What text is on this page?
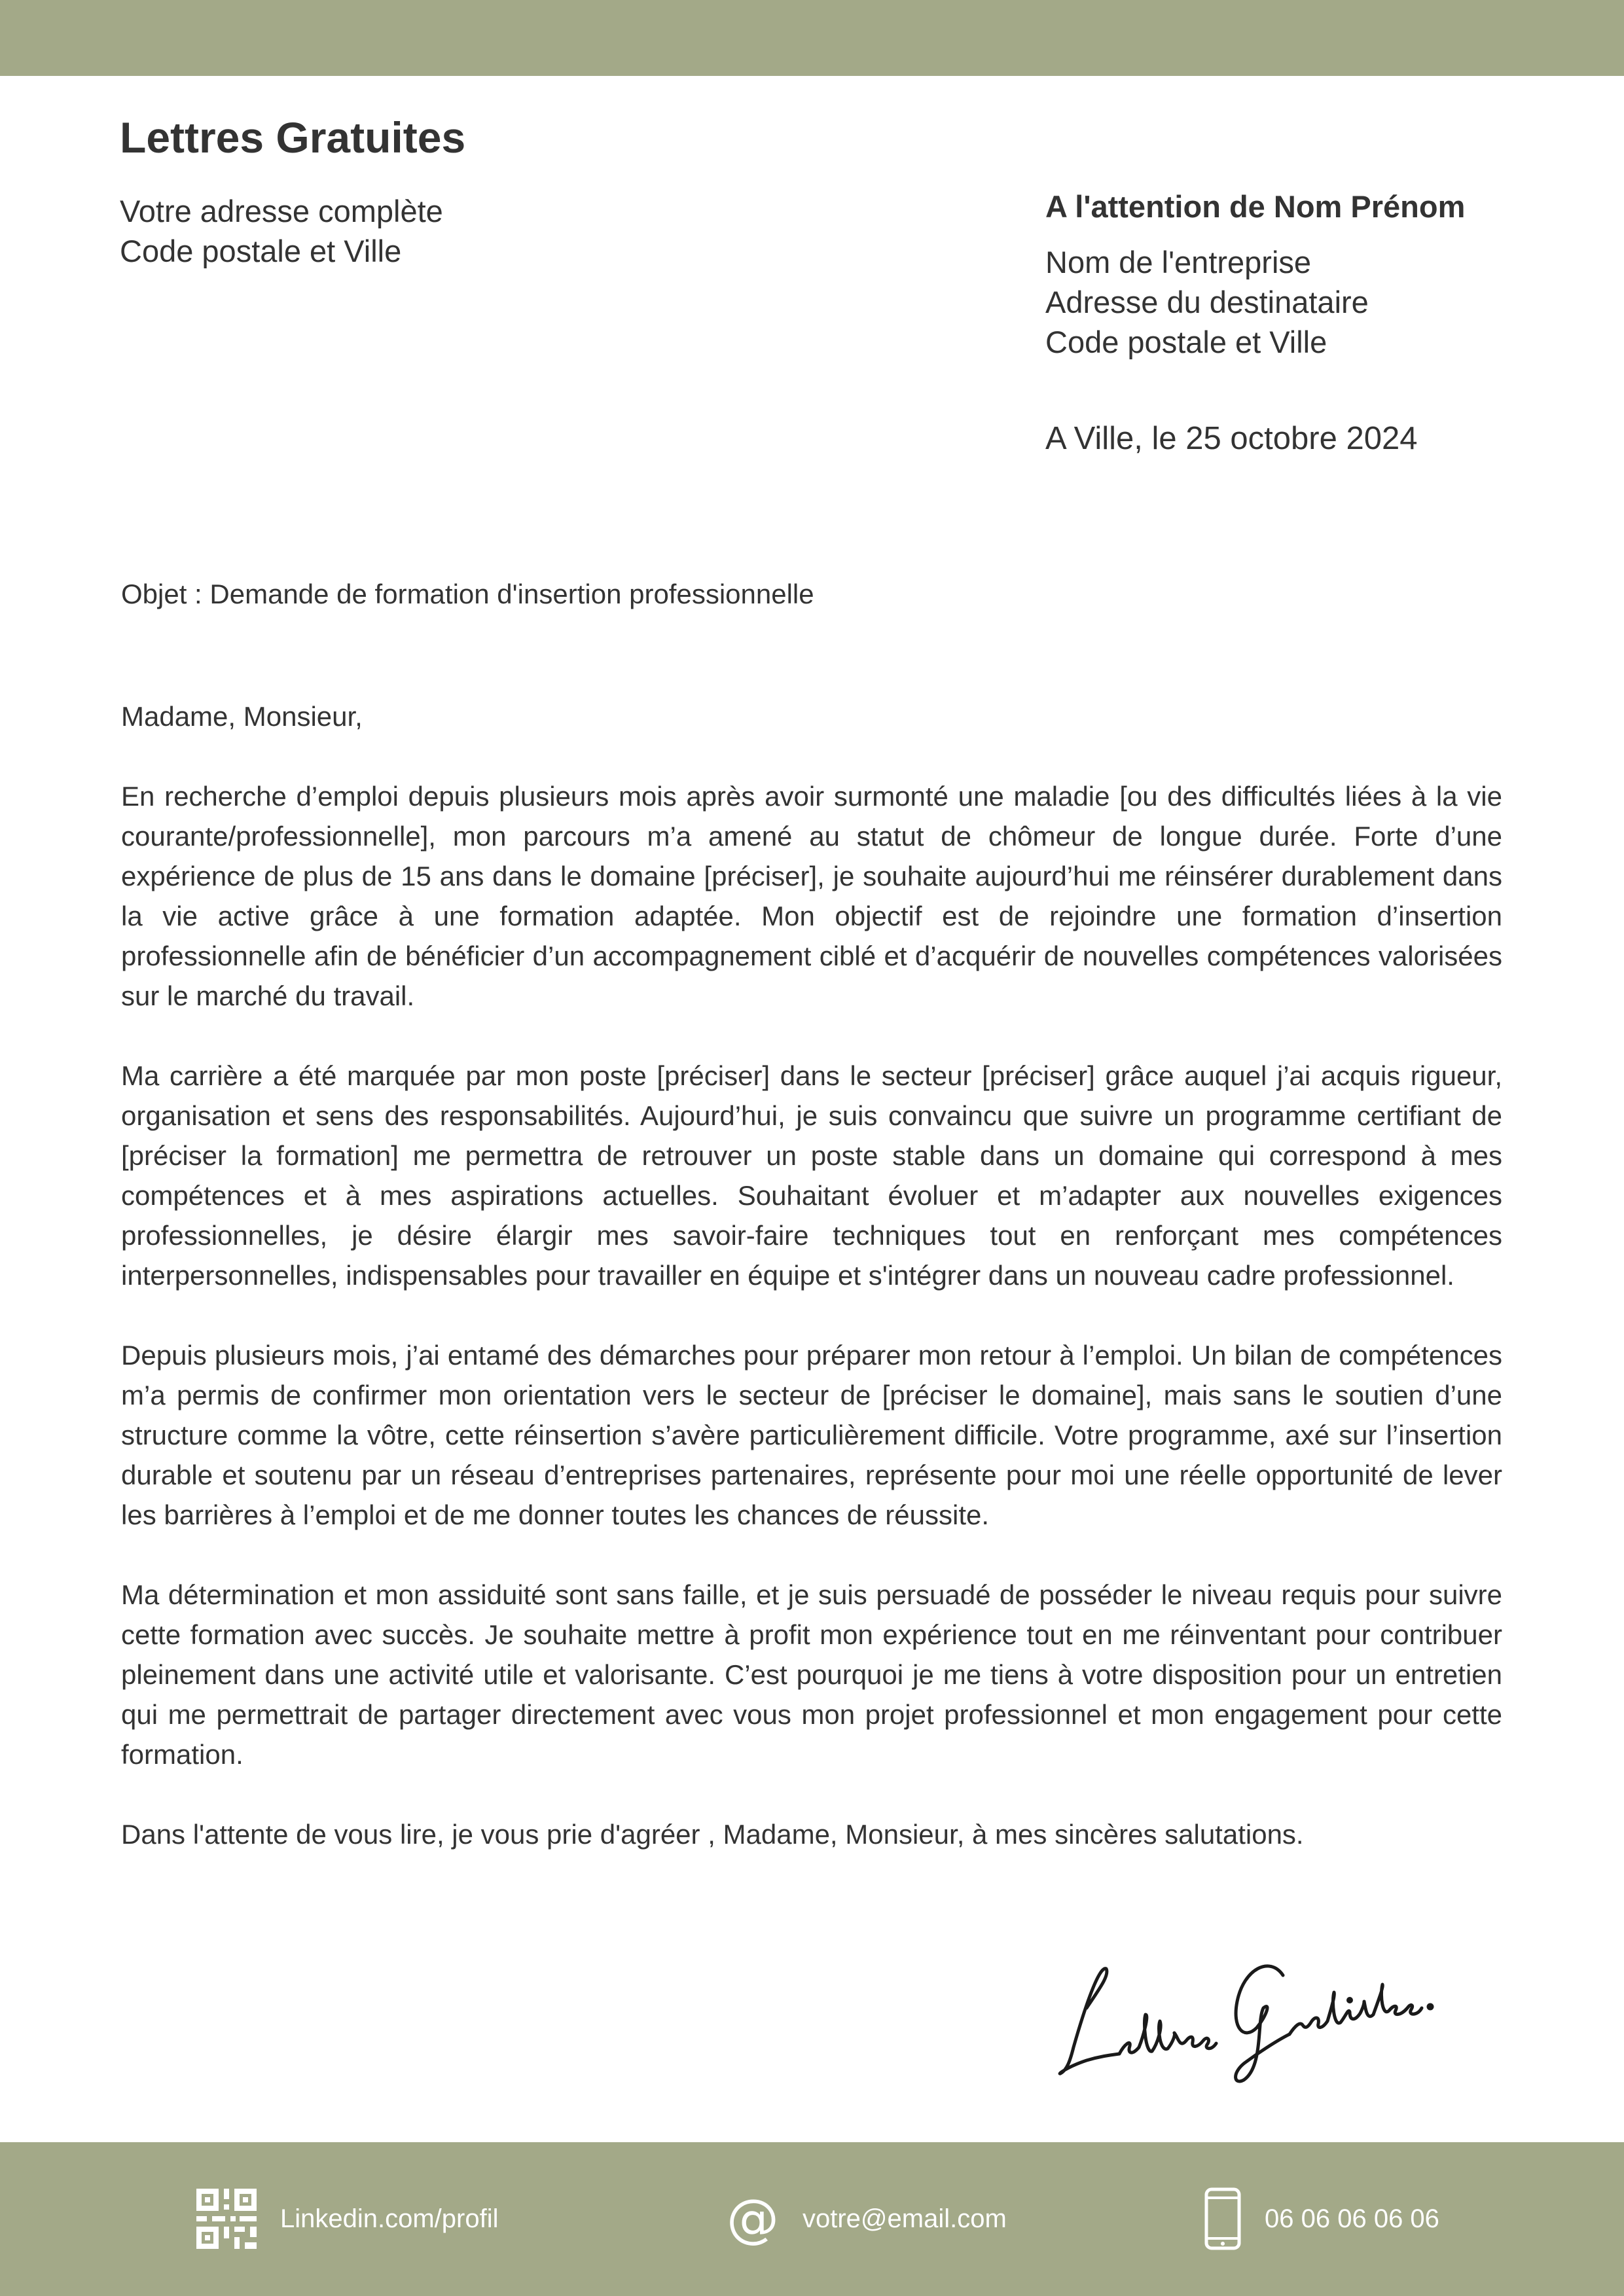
Lettres Gratuites
Votre adresse complète
Code postale et Ville
A l'attention de Nom Prénom
Nom de l'entreprise
Adresse du destinataire
Code postale et Ville
A Ville, le 25 octobre 2024
Objet : Demande de formation d'insertion professionnelle

Madame, Monsieur,

En recherche d’emploi depuis plusieurs mois après avoir surmonté une maladie [ou des difficultés liées à la vie courante/professionnelle], mon parcours m’a amené au statut de chômeur de longue durée. Forte d’une expérience de plus de 15 ans dans le domaine [préciser], je souhaite aujourd’hui me réinsérer durablement dans la vie active grâce à une formation adaptée. Mon objectif est de rejoindre une formation d’insertion professionnelle afin de bénéficier d’un accompagnement ciblé et d’acquérir de nouvelles compétences valorisées sur le marché du travail.

Ma carrière a été marquée par mon poste [préciser] dans le secteur [préciser] grâce auquel j’ai acquis rigueur, organisation et sens des responsabilités. Aujourd’hui, je suis convaincu que suivre un programme certifiant de [préciser la formation] me permettra de retrouver un poste stable dans un domaine qui correspond à mes compétences et à mes aspirations actuelles. Souhaitant évoluer et m’adapter aux nouvelles exigences professionnelles, je désire élargir mes savoir-faire techniques tout en renforçant mes compétences interpersonnelles, indispensables pour travailler en équipe et s'intégrer dans un nouveau cadre professionnel.

Depuis plusieurs mois, j’ai entamé des démarches pour préparer mon retour à l’emploi. Un bilan de compétences m’a permis de confirmer mon orientation vers le secteur de [préciser le domaine], mais sans le soutien d’une structure comme la vôtre, cette réinsertion s’avère particulièrement difficile. Votre programme, axé sur l’insertion durable et soutenu par un réseau d’entreprises partenaires, représente pour moi une réelle opportunité de lever les barrières à l’emploi et de me donner toutes les chances de réussite.

Ma détermination et mon assiduité sont sans faille, et je suis persuadé de posséder le niveau requis pour suivre cette formation avec succès. Je souhaite mettre à profit mon expérience tout en me réinventant pour contribuer pleinement dans une activité utile et valorisante. C’est pourquoi je me tiens à votre disposition pour un entretien qui me permettrait de partager directement avec vous mon projet professionnel et mon engagement pour cette formation.

Dans l'attente de vous lire, je vous prie d'agréer , Madame, Monsieur, à mes sincères salutations.

Linkedin.com/profil	@ votre@email.com	06 06 06 06 06
